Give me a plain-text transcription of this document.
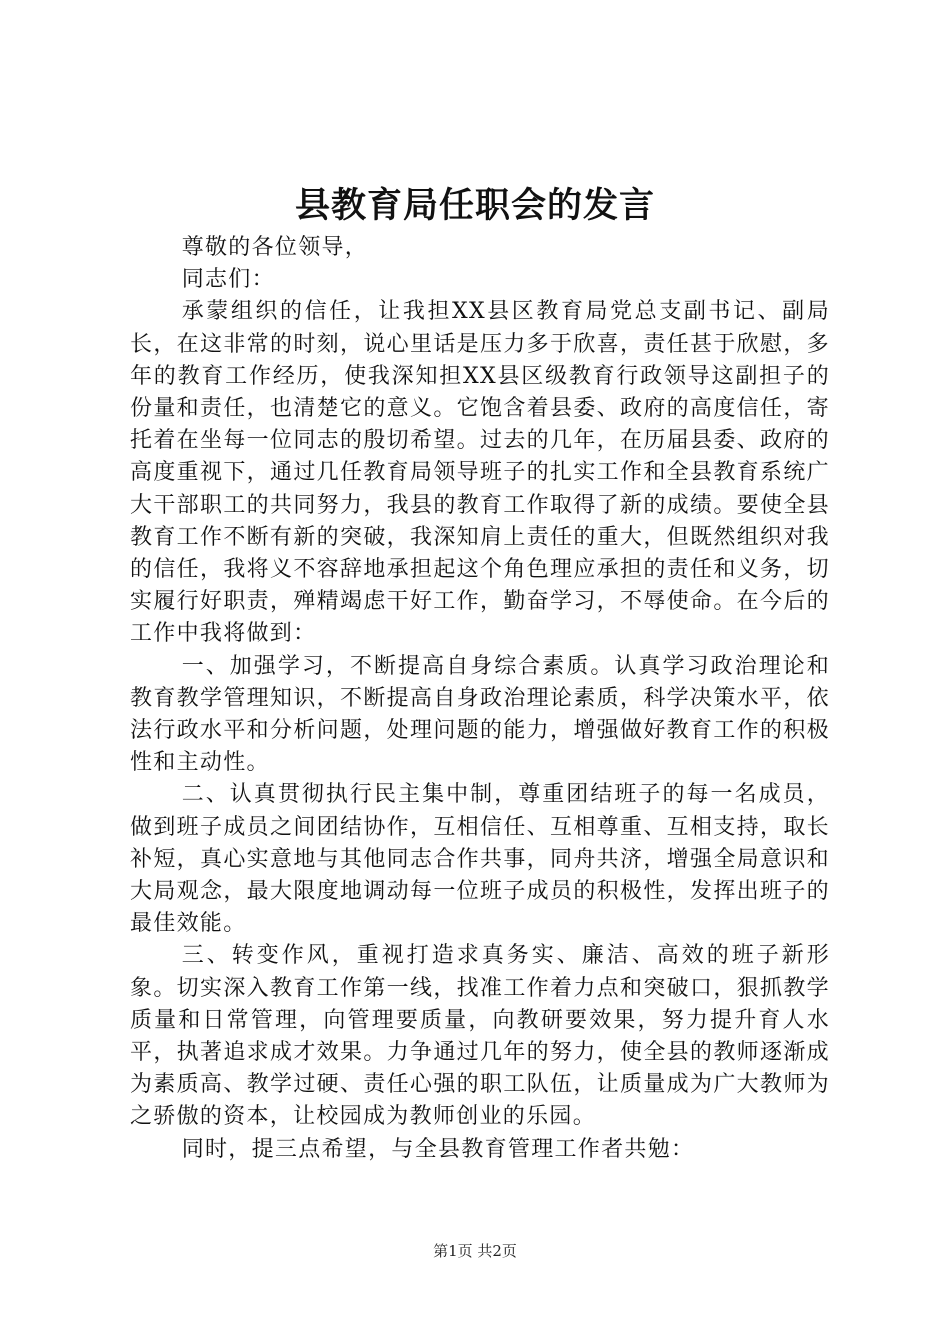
县教育局任职会的发言

尊敬的各位领导，

同志们：

承蒙组织的信任，让我担XX县区教育局党总支副书记、副局长，在这非常的时刻，说心里话是压力多于欣喜，责任甚于欣慰，多年的教育工作经历，使我深知担XX县区级教育行政领导这副担子的份量和责任，也清楚它的意义。它饱含着县委、政府的高度信任，寄托着在坐每一位同志的殷切希望。过去的几年，在历届县委、政府的高度重视下，通过几任教育局领导班子的扎实工作和全县教育系统广大干部职工的共同努力，我县的教育工作取得了新的成绩。要使全县教育工作不断有新的突破，我深知肩上责任的重大，但既然组织对我的信任，我将义不容辞地承担起这个角色理应承担的责任和义务，切实履行好职责，殚精竭虑干好工作，勤奋学习，不辱使命。在今后的工作中我将做到：

一、加强学习，不断提高自身综合素质。认真学习政治理论和教育教学管理知识，不断提高自身政治理论素质，科学决策水平，依法行政水平和分析问题，处理问题的能力，增强做好教育工作的积极性和主动性。

二、认真贯彻执行民主集中制，尊重团结班子的每一名成员，做到班子成员之间团结协作，互相信任、互相尊重、互相支持，取长补短，真心实意地与其他同志合作共事，同舟共济，增强全局意识和大局观念，最大限度地调动每一位班子成员的积极性，发挥出班子的最佳效能。

三、转变作风，重视打造求真务实、廉洁、高效的班子新形象。切实深入教育工作第一线，找准工作着力点和突破口，狠抓教学质量和日常管理，向管理要质量，向教研要效果，努力提升育人水平，执著追求成才效果。力争通过几年的努力，使全县的教师逐渐成为素质高、教学过硬、责任心强的职工队伍，让质量成为广大教师为之骄傲的资本，让校园成为教师创业的乐园。

同时，提三点希望，与全县教育管理工作者共勉：

第1页 共2页
